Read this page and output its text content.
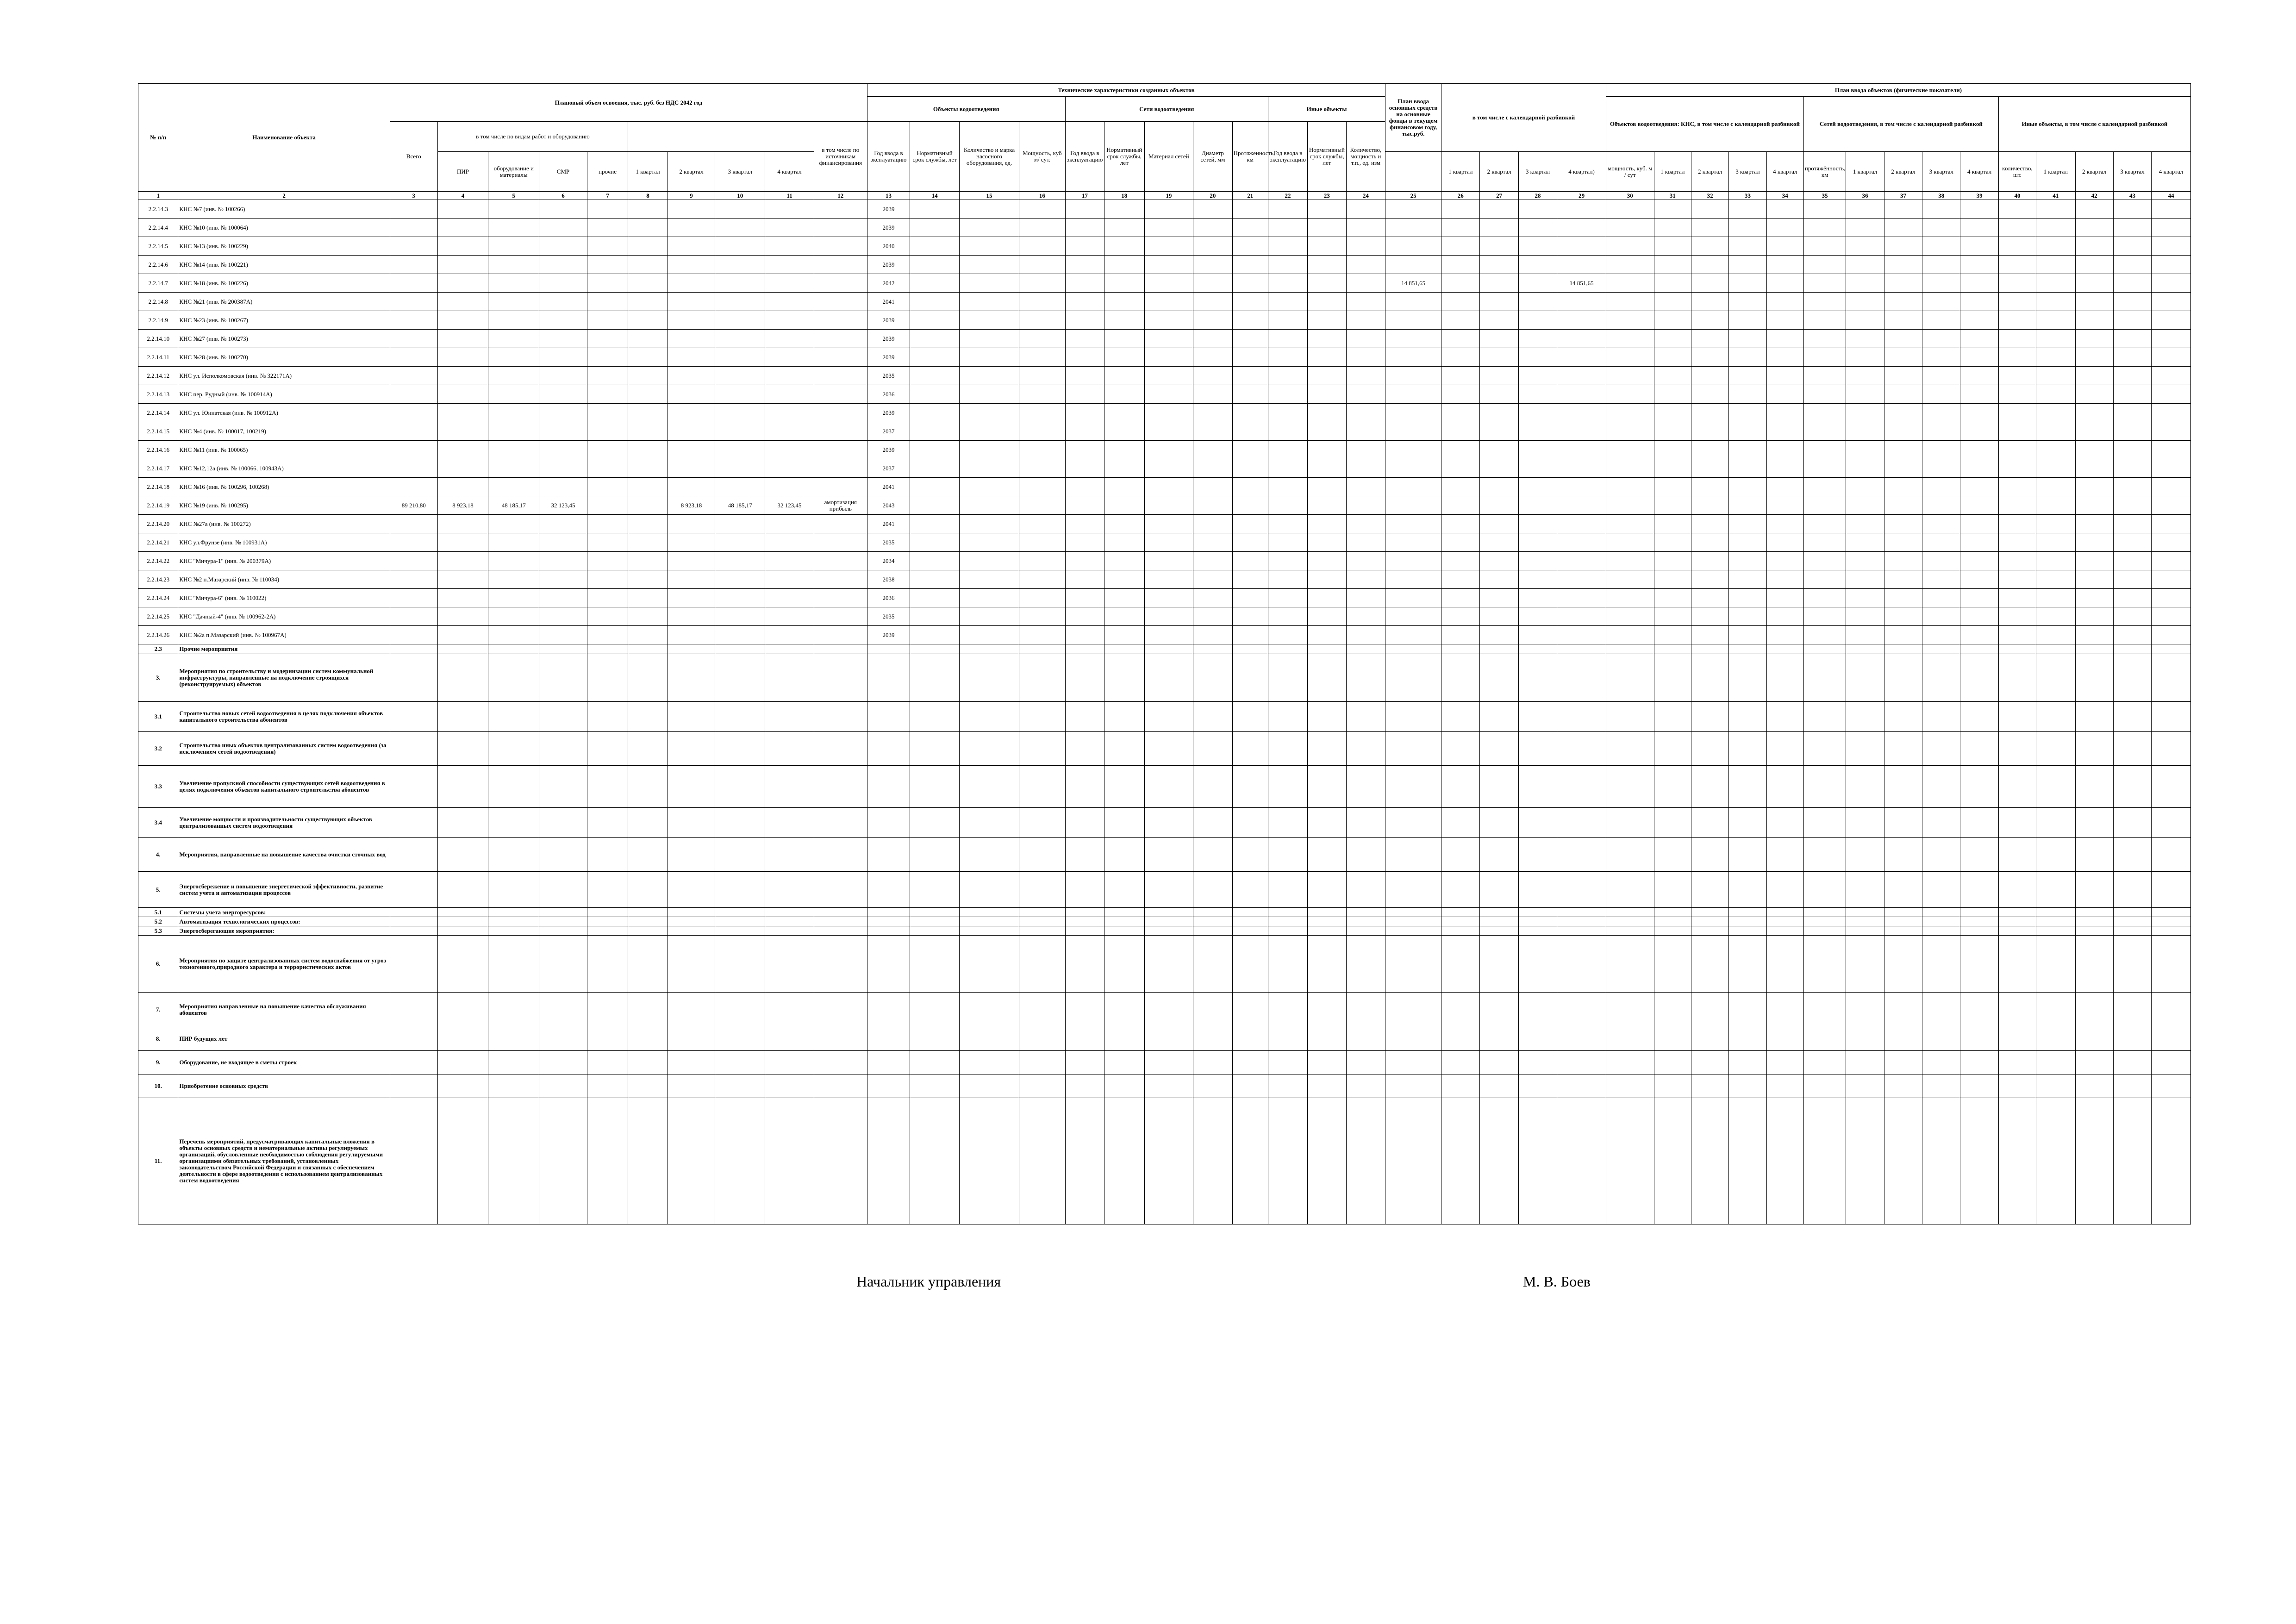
№ п/п	Наименование объекта	Плановый объем освоения, тыс. руб. без НДС 2042 год										Технические характеристики созданных объектов												План ввода основных средств на основные фонды в текущем финансовом году, тыс.руб.	в том числе с календарной разбивкой				План ввода объектов (физические показатели)														
												Объекты водоотведения				Сети водоотведения					Иные объекты								Объектов водоотведения: КНС, в том числе с календарной разбивкой					Сетей водоотведения, в том числе с календарной разбивкой					Иные объекты, в том числе с календарной разбивкой				
		Всего	в том числе по видам работ и оборудованию								в том числе по источникам финансирования	Год ввода в эксплуатацию	Нормативный срок службы, лет	Количество и марка насосного оборудования, ед.	Мощность, куб м/ сут.	Год ввода в эксплуатацию	Нормативный срок службы, лет	Материал сетей	Диаметр сетей, мм	Протяженность, км	Год ввода в эксплуатацию	Нормативный срок службы, лет	Количество, мощность и т.п., ед. изм																				
			ПИР	оборудование и материалы	СМР	прочие	1 квартал	2 квартал	3 квартал	4 квартал															1 квартал	2 квартал	3 квартал	4 квартал)	мощность, куб. м / сут	1 квартал	2 квартал	3 квартал	4 квартал	протяжённость, км	1 квартал	2 квартал	3 квартал	4 квартал	количество, шт.	1 квартал	2 квартал	3 квартал	4 квартал
1	2	3	4	5	6	7	8	9	10	11	12	13	14	15	16	17	18	19	20	21	22	23	24	25	26	27	28	29	30	31	32	33	34	35	36	37	38	39	40	41	42	43	44
2.2.14.3	КНС №7 (инв. № 100266)											2039																															
2.2.14.4	КНС №10 (инв. № 100064)											2039																															
2.2.14.5	КНС №13 (инв. № 100229)											2040																															
2.2.14.6	КНС №14 (инв. № 100221)											2039																															
2.2.14.7	КНС №18 (инв. № 100226)											2042												14 851,65				14 851,65															
2.2.14.8	КНС №21 (инв. № 200387А)											2041																															
2.2.14.9	КНС №23 (инв. № 100267)											2039																															
2.2.14.10	КНС №27 (инв. № 100273)											2039																															
2.2.14.11	КНС №28 (инв. № 100270)											2039																															
2.2.14.12	КНС ул. Исполкомовская (инв. № 322171А)											2035																															
2.2.14.13	КНС пер. Рудный (инв. № 100914А)											2036																															
2.2.14.14	КНС ул. Юннатская (инв. № 100912А)											2039																															
2.2.14.15	КНС №4 (инв. № 100017, 100219)											2037																															
2.2.14.16	КНС №11 (инв. № 100065)											2039																															
2.2.14.17	КНС №12,12а (инв. № 100066, 100943А)											2037																															
2.2.14.18	КНС №16 (инв. № 100296, 100268)											2041																															
2.2.14.19	КНС №19 (инв. № 100295)	89 210,80	8 923,18	48 185,17	32 123,45			8 923,18	48 185,17	32 123,45	амортизация прибыль	2043																															
2.2.14.20	КНС №27а (инв. № 100272)											2041																															
2.2.14.21	КНС ул.Фрунзе (инв. № 100931А)											2035																															
2.2.14.22	КНС "Мичура-1" (инв. № 200379А)											2034																															
2.2.14.23	КНС №2 п.Мазарский (инв. № 110034)											2038																															
2.2.14.24	КНС "Мичура-6" (инв. № 110022)											2036																															
2.2.14.25	КНС "Дачный-4" (инв. № 100962-2А)											2035																															
2.2.14.26	КНС №2а п.Мазарский (инв. № 100967А)											2039																															
2.3	Прочие мероприятия																																										
3.	Мероприятия по строительству и модернизации систем коммунальной инфраструктуры, направленные на подключение строящихся (реконструируемых) объектов																																										
3.1	Строительство новых сетей водоотведения в целях подключения объектов капитального строительства абонентов																																										
3.2	Строительство иных объектов централизованных систем водоотведения (за исключением сетей водоотведения)																																										
3.3	Увеличение пропускной способности существующих сетей водоотведения в целях подключения объектов капитального строительства абонентов																																										
3.4	Увеличение мощности и производительности существующих объектов централизованных систем водоотведения																																										
4.	Мероприятия, направленные на повышение качества очистки сточных вод																																										
5.	Энергосбережение и повышение энергетической эффективности, развитие систем учета и автоматизация процессов																																										
5.1	Системы учета энергоресурсов:																																										
5.2	Автоматизация технологических процессов:																																										
5.3	Энергосберегающие мероприятия:																																										
6.	Мероприятия по защите централизованных систем водоснабжения от угроз техногенного,природного характера и террористических актов																																										
7.	Мероприятия направленные на повышение качества обслуживания абонентов																																										
8.	ПИР будущих лет																																										
9.	Оборудование, не входящее в сметы строек																																										
10.	Приобретение основных средств																																										
11.	Перечень мероприятий, предусматривающих капитальные вложения в объекты основных средств и нематериальные активы регулируемых организаций, обусловленные необходимостью соблюдения регулируемыми организациями обязательных требований, установленных законодательством Российской Федерации и связанных с обеспечением деятельности в сфере водоотведения с использованием централизованных систем водоотведения																																										
Начальник управления	М. В. Боев
